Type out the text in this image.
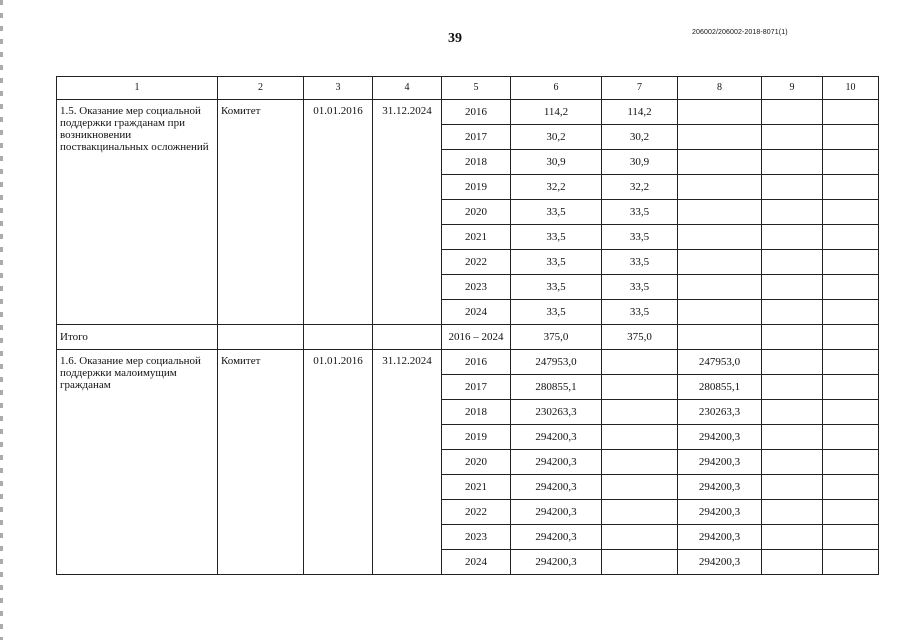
39	206002/206002-2018-8071(1)
1	2	3	4	5	6	7	8	9	10
1.5. Оказание мер социальной поддержки гражданам при возникновении поствакцинальных осложнений	Комитет	01.01.2016	31.12.2024	2016	114,2	114,2			
				2017	30,2	30,2			
				2018	30,9	30,9			
				2019	32,2	32,2			
				2020	33,5	33,5			
				2021	33,5	33,5			
				2022	33,5	33,5			
				2023	33,5	33,5			
				2024	33,5	33,5			
Итого				2016 – 2024	375,0	375,0			
1.6. Оказание мер социальной поддержки малоимущим гражданам	Комитет	01.01.2016	31.12.2024	2016	247953,0		247953,0		
				2017	280855,1		280855,1		
				2018	230263,3		230263,3		
				2019	294200,3		294200,3		
				2020	294200,3		294200,3		
				2021	294200,3		294200,3		
				2022	294200,3		294200,3		
				2023	294200,3		294200,3		
				2024	294200,3		294200,3		
